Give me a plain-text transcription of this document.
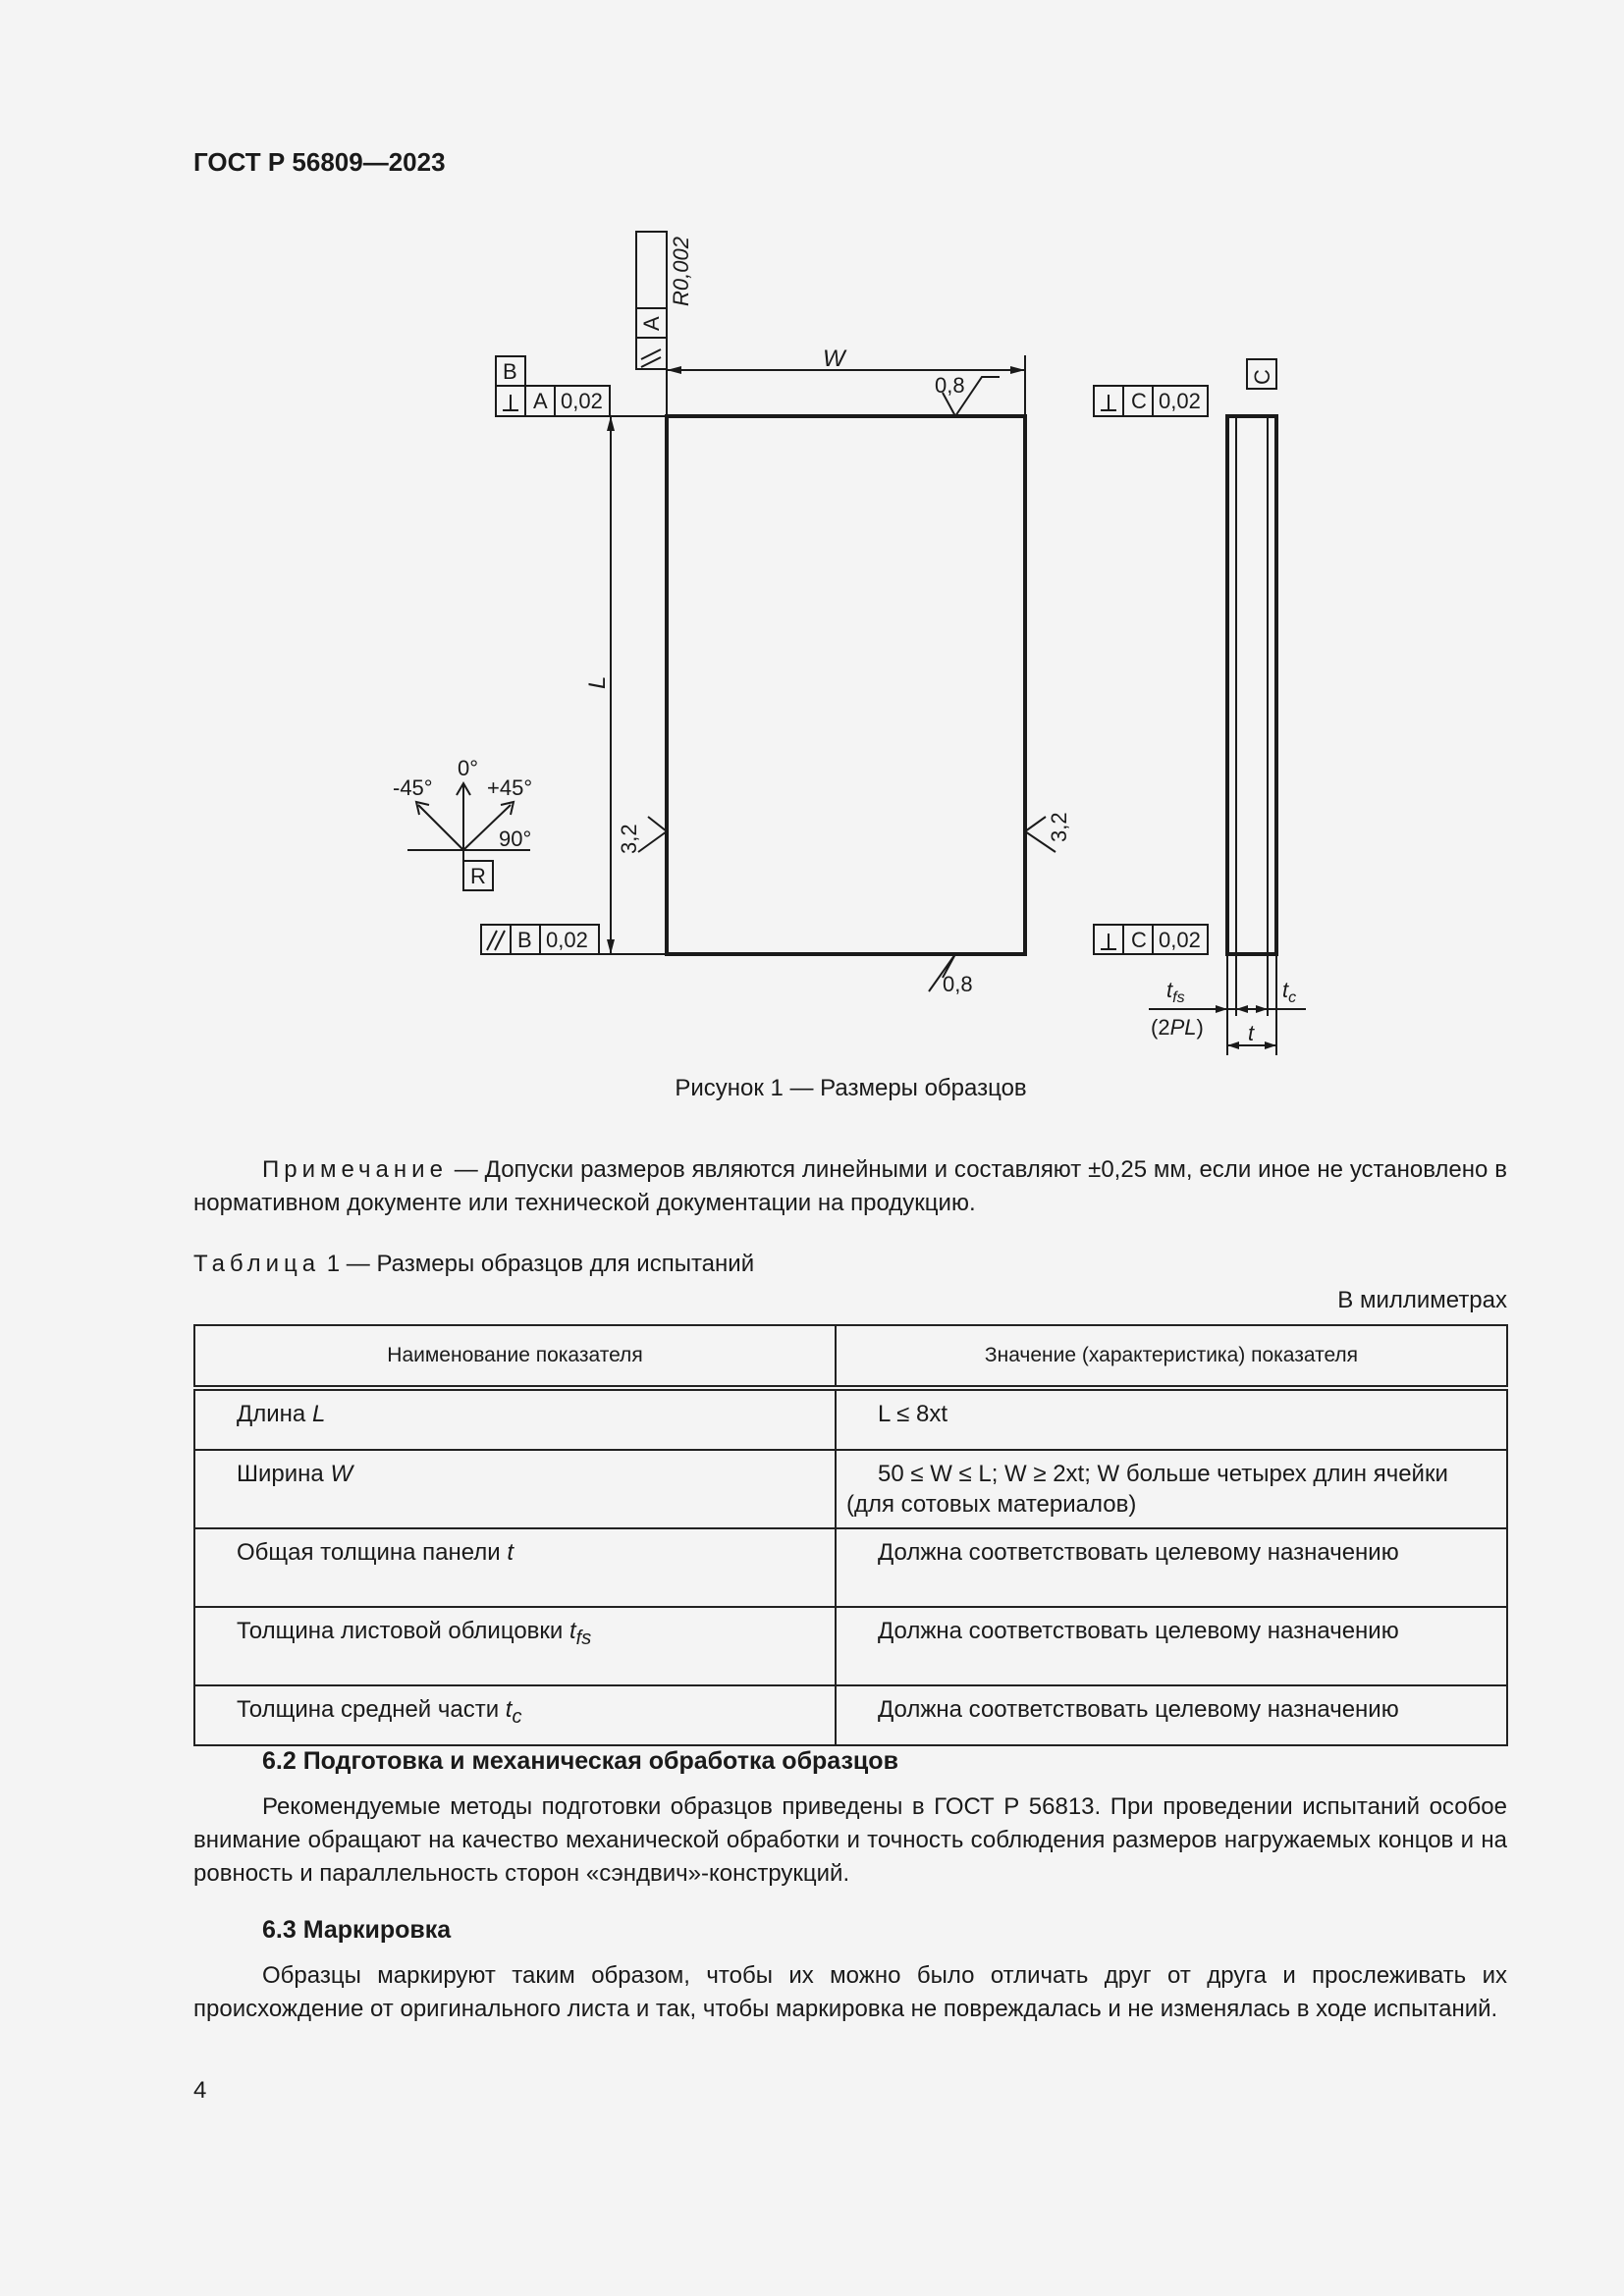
ГОСТ Р 56809—2023
W
L
R0,002
A
B
A 0,02
B 0,02
C 0,02
C 0,02
C
0,8
0,8
3,2	3,2
0°
-45°	+45°
90°
R
$t_{fs}$
(2PL)
$t_c$
t
Рисунок 1 — Размеры образцов
Примечание — Допуски размеров являются линейными и составляют ±0,25 мм, если иное не установлено в нормативном документе или технической документации на продукцию.
Таблица 1 — Размеры образцов для испытаний
В миллиметрах
Наименование показателя	Значение (характеристика) показателя
Длина L	L ≤ 8xt
Ширина W	50 ≤ W ≤ L; W ≥ 2xt; W больше четырех длин ячейки (для сотовых материалов)
Общая толщина панели t	Должна соответствовать целевому назначению
Толщина листовой облицовки $t_{fs}$	Должна соответствовать целевому назначению
Толщина средней части $t_c$	Должна соответствовать целевому назначению
6.2 Подготовка и механическая обработка образцов
Рекомендуемые методы подготовки образцов приведены в ГОСТ Р 56813. При проведении испытаний особое внимание обращают на качество механической обработки и точность соблюдения размеров нагружаемых концов и на ровность и параллельность сторон «сэндвич»-конструкций.
6.3 Маркировка
Образцы маркируют таким образом, чтобы их можно было отличать друг от друга и прослеживать их происхождение от оригинального листа и так, чтобы маркировка не повреждалась и не изменялась в ходе испытаний.
4
